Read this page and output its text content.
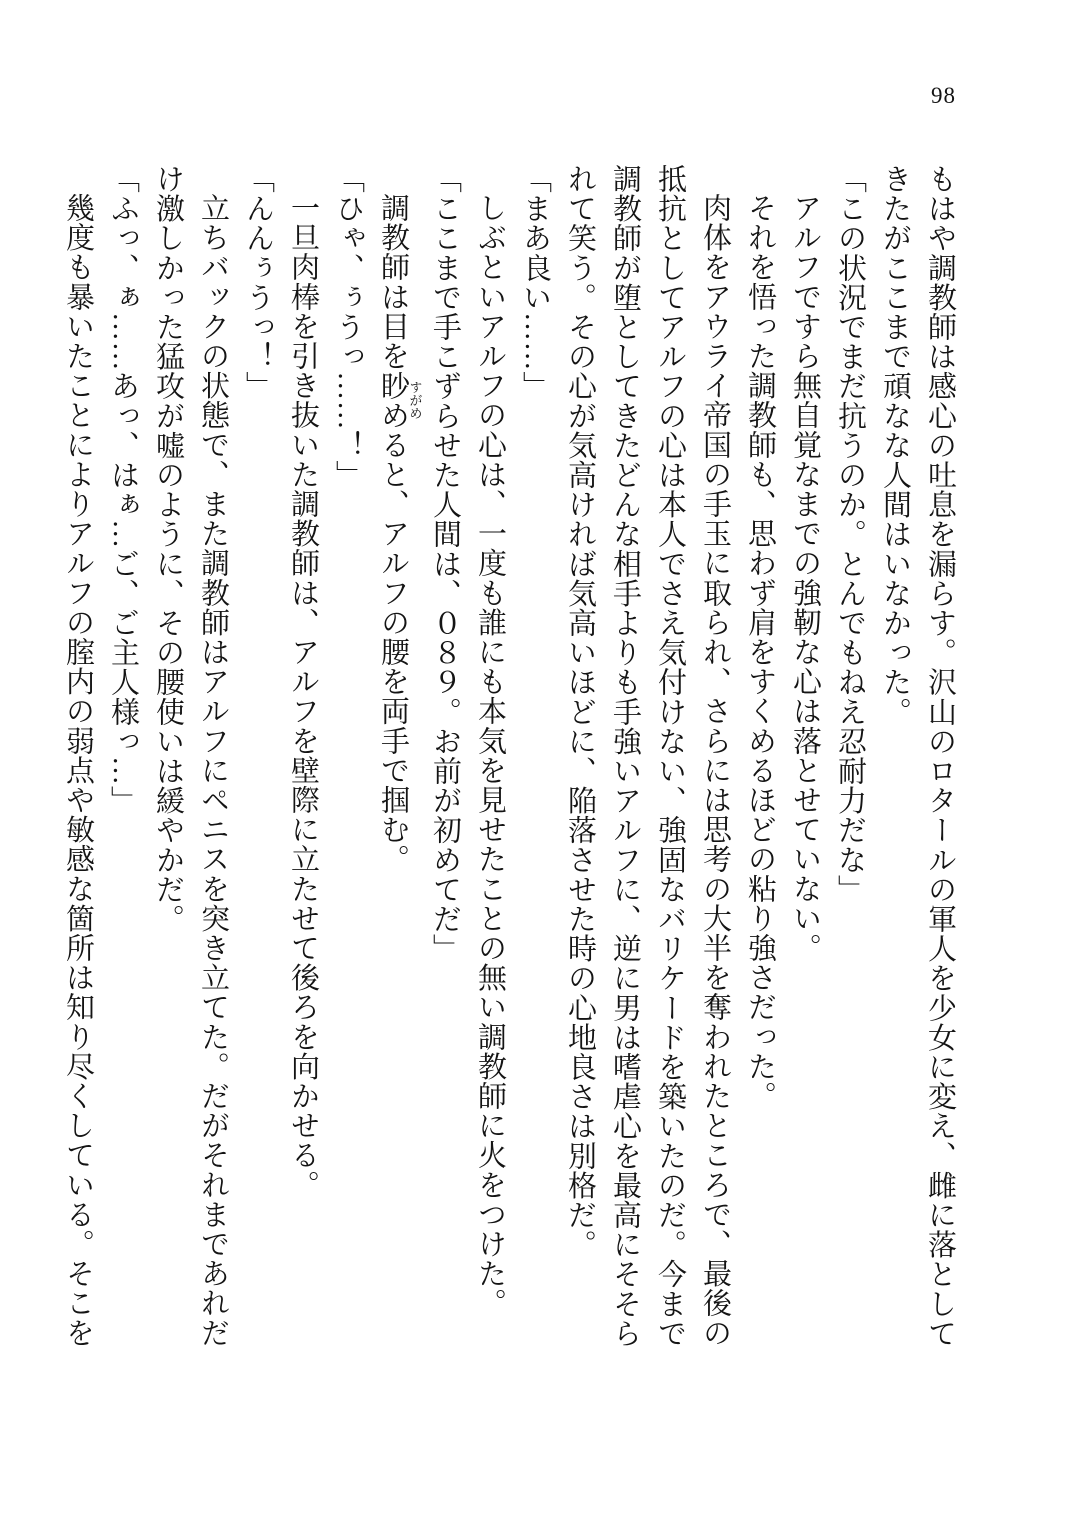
98

もはや調教師は感心の吐息を漏らす。沢山のロタールの軍人を少女に変え、雌に落としてきたがここまで頑なな人間はいなかった。

「この状況でまだ抗うのか。とんでもねえ忍耐力だな」

アルフですら無自覚なまでの強靭な心は落とせていない。

それを悟った調教師も、思わず肩をすくめるほどの粘り強さだった。

肉体をアウライ帝国の手玉に取られ、さらには思考の大半を奪われたところで、最後の抵抗としてアルフの心は本人でさえ気付けない、強固なバリケードを築いたのだ。今まで調教師が堕としてきたどんな相手よりも手強いアルフに、逆に男は嗜虐心を最高にそそられて笑う。その心が気高ければ気高いほどに、陥落させた時の心地良さは別格だ。

「まあ良い……」

しぶといアルフの心は、一度も誰にも本気を見せたことの無い調教師に火をつけた。

「ここまで手こずらせた人間は、０８９。お前が初めてだ」

調教師は目を眇めすがめると、アルフの腰を両手で掴む。

「ひゃ、ぅうっ……！」

一旦肉棒を引き抜いた調教師は、アルフを壁際に立たせて後ろを向かせる。

「んんぅうっ！」

立ちバックの状態で、また調教師はアルフにペニスを突き立てた。だがそれまであれだけ激しかった猛攻が嘘のように、その腰使いは緩やかだ。

「ふっ、ぁ……あっ、はぁ…ご、ご主人様っ…」

幾度も暴いたことによりアルフの腟内の弱点や敏感な箇所は知り尽くしている。そこを
